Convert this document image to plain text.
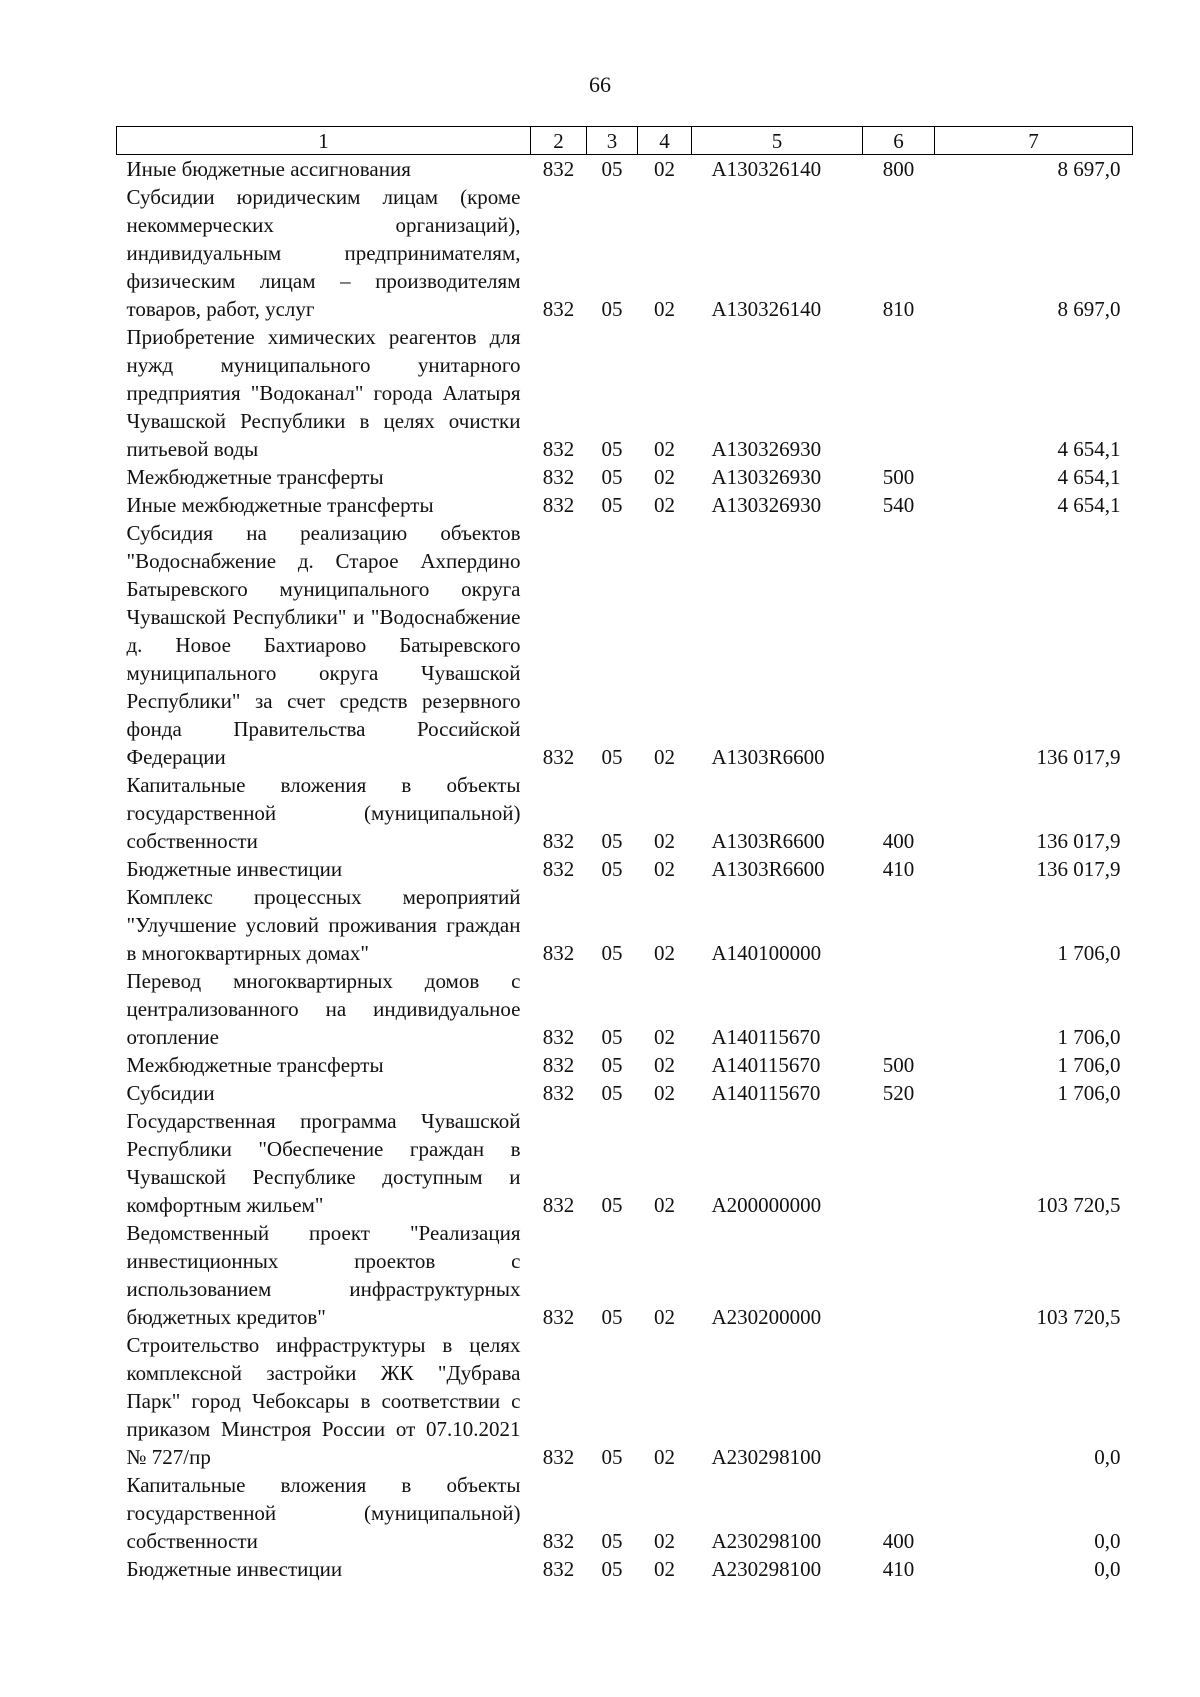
66
1	2	3	4	5	6	7
Иные бюджетные ассигнования	832	05	02	А130326140	800	8 697,0
Субсидии юридическим лицам (кроме некоммерческих организаций), индивидуальным предпринимателям, физическим лицам – производителям товаров, работ, услуг	832	05	02	А130326140	810	8 697,0
Приобретение химических реагентов для нужд муниципального унитарного предприятия "Водоканал" города Алатыря Чувашской Республики в целях очистки питьевой воды	832	05	02	А130326930		4 654,1
Межбюджетные трансферты	832	05	02	А130326930	500	4 654,1
Иные межбюджетные трансферты	832	05	02	А130326930	540	4 654,1
Субсидия на реализацию объектов "Водоснабжение д. Старое Ахпердино Батыревского муниципального округа Чувашской Республики" и "Водоснабжение д. Новое Бахтиарово Батыревского муниципального округа Чувашской Республики" за счет средств резервного фонда Правительства Российской Федерации	832	05	02	А1303R6600		136 017,9
Капитальные вложения в объекты государственной (муниципальной) собственности	832	05	02	А1303R6600	400	136 017,9
Бюджетные инвестиции	832	05	02	А1303R6600	410	136 017,9
Комплекс процессных мероприятий "Улучшение условий проживания граждан в многоквартирных домах"	832	05	02	А140100000		1 706,0
Перевод многоквартирных домов с централизованного на индивидуальное отопление	832	05	02	А140115670		1 706,0
Межбюджетные трансферты	832	05	02	А140115670	500	1 706,0
Субсидии	832	05	02	А140115670	520	1 706,0
Государственная программа Чувашской Республики "Обеспечение граждан в Чувашской Республике доступным и комфортным жильем"	832	05	02	А200000000		103 720,5
Ведомственный проект "Реализация инвестиционных проектов с использованием инфраструктурных бюджетных кредитов"	832	05	02	А230200000		103 720,5
Строительство инфраструктуры в целях комплексной застройки ЖК "Дубрава Парк" город Чебоксары в соответствии с приказом Минстроя России от 07.10.2021 № 727/пр	832	05	02	А230298100		0,0
Капитальные вложения в объекты государственной (муниципальной) собственности	832	05	02	А230298100	400	0,0
Бюджетные инвестиции	832	05	02	А230298100	410	0,0
